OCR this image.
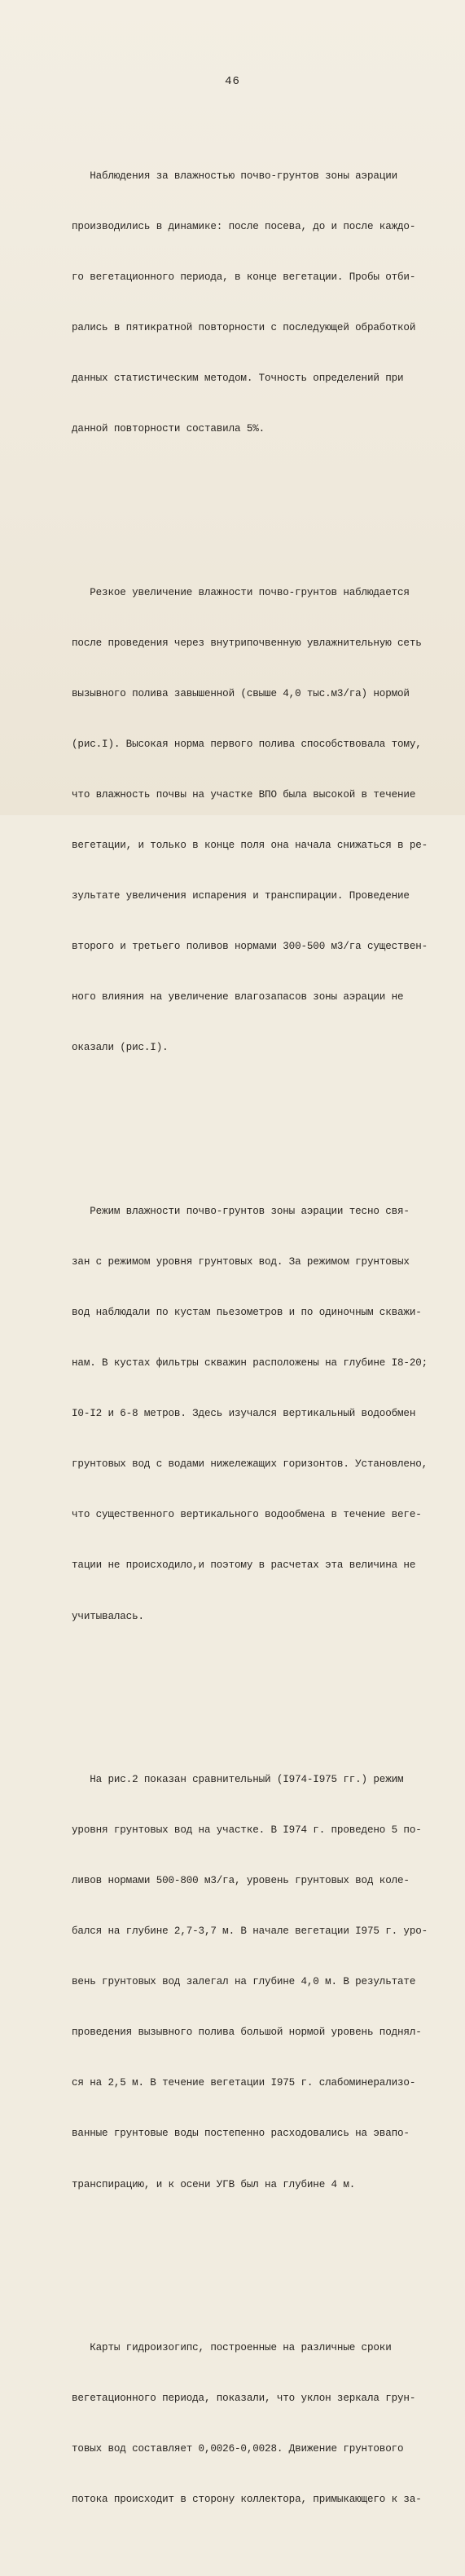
46

Наблюдения за влажностью почво-грунтов зоны аэрации

производились в динамике: после посева, до и после каждо-

го вегетационного периода, в конце вегетации. Пробы отби-

рались в пятикратной повторности с последующей обработкой

данных статистическим методом. Точность определений при

данной повторности составила 5%.

Резкое увеличение влажности почво-грунтов наблюдается

после проведения через внутрипочвенную увлажнительную сеть

вызывного полива завышенной (свыше 4,0 тыс.м3/га) нормой

(рис.I). Высокая норма первого полива способствовала тому,

что влажность почвы на участке ВПО была высокой в течение

вегетации, и только в конце поля она начала снижаться в ре-

зультате увеличения испарения и транспирации. Проведение

второго и третьего поливов нормами 300-500 м3/га существен-

ного влияния на увеличение влагозапасов зоны аэрации не

оказали (рис.I).

Режим влажности почво-грунтов зоны аэрации тесно свя-

зан с режимом уровня грунтовых вод. За режимом грунтовых

вод наблюдали по кустам пьезометров и по одиночным скважи-

нам. В кустах фильтры скважин расположены на глубине I8-20;

I0-I2 и 6-8 метров. Здесь изучался вертикальный водообмен

грунтовых вод с водами нижележащих горизонтов. Установлено,

что существенного вертикального водообмена в течение веге-

тации не происходило,и поэтому в расчетах эта величина не

учитывалась.

На рис.2 показан сравнительный (I974-I975 гг.) режим

уровня грунтовых вод на участке. В I974 г. проведено 5 по-

ливов нормами 500-800 м3/га, уровень грунтовых вод коле-

бался на глубине 2,7-3,7 м. В начале вегетации I975 г. уро-

вень грунтовых вод залегал на глубине 4,0 м. В результате

проведения вызывного полива большой нормой уровень поднял-

ся на 2,5 м. В течение вегетации I975 г. слабоминерализо-

ванные грунтовые воды постепенно расходовались на эвапо-

транспирацию, и к осени УГВ был на глубине 4 м.

Карты гидроизогипс, построенные на различные сроки

вегетационного периода, показали, что уклон зеркала грун-

товых вод составляет 0,0026-0,0028. Движение грунтового

потока происходит в сторону коллектора, примыкающего к за-
